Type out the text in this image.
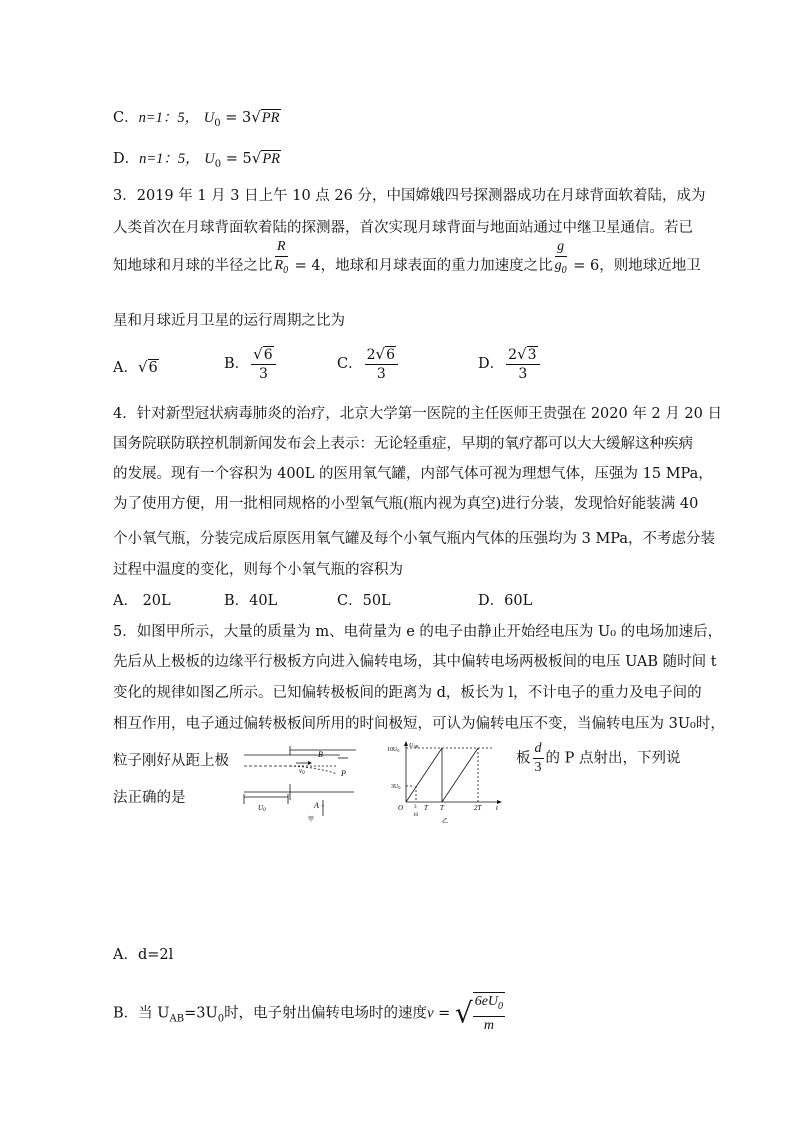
C．n=1：5， $U_0 = 3√PR$
D．n=1：5， $U_0 = 5√PR$
3．2019 年 1 月 3 日上午 10 点 26 分，中国嫦娥四号探测器成功在月球背面软着陆，成为
人类首次在月球背面软着陆的探测器，首次实现月球背面与地面站通过中继卫星通信。若已
知地球和月球的半径之比 $\frac{R}{R_0} = 4$，地球和月球表面的重力加速度之比 $\frac{g}{g_0} = 6$，则地球近地卫
星和月球近月卫星的运行周期之比为
A．√6	B． $\frac{√6}{3}$	C． $\frac{2√6}{3}$	D． $\frac{2√3}{3}$
4．针对新型冠状病毒肺炎的治疗，北京大学第一医院的主任医师王贵强在 2020 年 2 月 20 日
国务院联防联控机制新闻发布会上表示：无论轻重症，早期的氧疗都可以大大缓解这种疾病
的发展。现有一个容积为 400L 的医用氧气罐，内部气体可视为理想气体，压强为 15 MPa，
为了使用方便，用一批相同规格的小型氧气瓶(瓶内视为真空)进行分装，发现恰好能装满 40
个小氧气瓶，分装完成后原医用氧气罐及每个小氧气瓶内气体的压强均为 3 MPa，不考虑分装
过程中温度的变化，则每个小氧气瓶的容积为
A． 20L	B．40L	C．50L	D．60L
5．如图甲所示，大量的质量为 m、电荷量为 e 的电子由静止开始经电压为 U₀ 的电场加速后，
先后从上极板的边缘平行极板方向进入偏转电场，其中偏转电场两极板间的电压 UAB 随时间 t
变化的规律如图乙所示。已知偏转极板间的距离为 d，板长为 l，不计电子的重力及电子间的
相互作用，电子通过偏转极板间所用的时间极短，可认为偏转电压不变，当偏转电压为 3U₀时，
粒子刚好从距上极	板 $\frac{d}{3}$ 的 P 点射出，下列说
法正确的是
B
v0	P
U0
A +
甲
UAB
10U0
3U0
O 3
10
T T	2T t
乙
A．d=2l
B．当 $U_{AB}=3U_0$时，电子射出偏转电场时的速度v = √ $\frac{6eU_0}{m}$
